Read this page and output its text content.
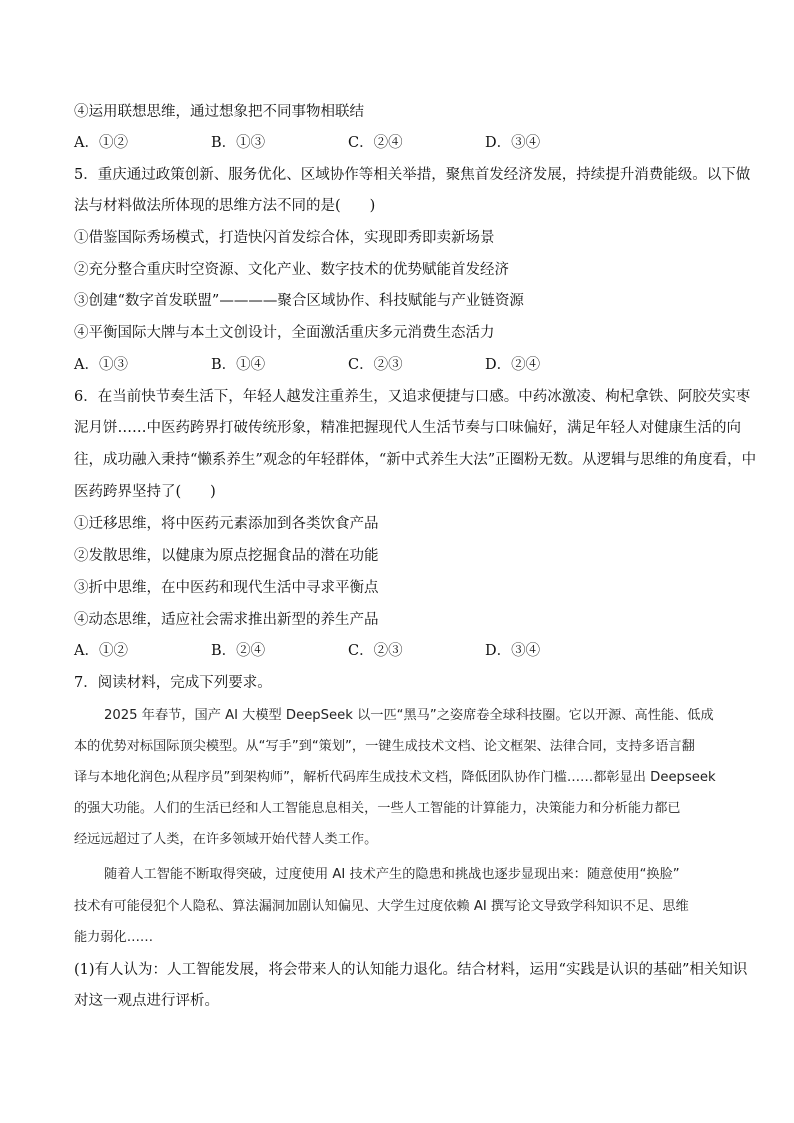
④运用联想思维，通过想象把不同事物相联结
A．①②	B．①③	C．②④	D．③④
5．重庆通过政策创新、服务优化、区域协作等相关举措，聚焦首发经济发展，持续提升消费能级。以下做
法与材料做法所体现的思维方法不同的是(　　)
①借鉴国际秀场模式，打造快闪首发综合体，实现即秀即卖新场景
②充分整合重庆时空资源、文化产业、数字技术的优势赋能首发经济
③创建“数字首发联盟”————聚合区域协作、科技赋能与产业链资源
④平衡国际大牌与本土文创设计，全面激活重庆多元消费生态活力
A．①③	B．①④	C．②③	D．②④
6．在当前快节奏生活下，年轻人越发注重养生，又追求便捷与口感。中药冰激凌、枸杞拿铁、阿胶芡实枣
泥月饼……中医药跨界打破传统形象，精准把握现代人生活节奏与口味偏好，满足年轻人对健康生活的向
往，成功融入秉持“懒系养生”观念的年轻群体，“新中式养生大法”正圈粉无数。从逻辑与思维的角度看，中
医药跨界坚持了(　　)
①迁移思维，将中医药元素添加到各类饮食产品
②发散思维，以健康为原点挖掘食品的潜在功能
③折中思维，在中医药和现代生活中寻求平衡点
④动态思维，适应社会需求推出新型的养生产品
A．①②	B．②④	C．②③	D．③④
7．阅读材料，完成下列要求。
2025 年春节，国产 AI 大模型 DeepSeek 以一匹“黑马”之姿席卷全球科技圈。它以开源、高性能、低成
本的优势对标国际顶尖模型。从“写手”到“策划”，一键生成技术文档、论文框架、法律合同，支持多语言翻
译与本地化润色;从程序员”到架构师”，解析代码库生成技术文档，降低团队协作门槛……都彰显出 Deepseek
的强大功能。人们的生活已经和人工智能息息相关，一些人工智能的计算能力，决策能力和分析能力都已
经远远超过了人类，在许多领域开始代替人类工作。
随着人工智能不断取得突破，过度使用 AI 技术产生的隐患和挑战也逐步显现出来：随意使用“换脸”
技术有可能侵犯个人隐私、算法漏洞加剧认知偏见、大学生过度依赖 AI 撰写论文导致学科知识不足、思维
能力弱化……
(1)有人认为：人工智能发展，将会带来人的认知能力退化。结合材料，运用“实践是认识的基础”相关知识
对这一观点进行评析。
